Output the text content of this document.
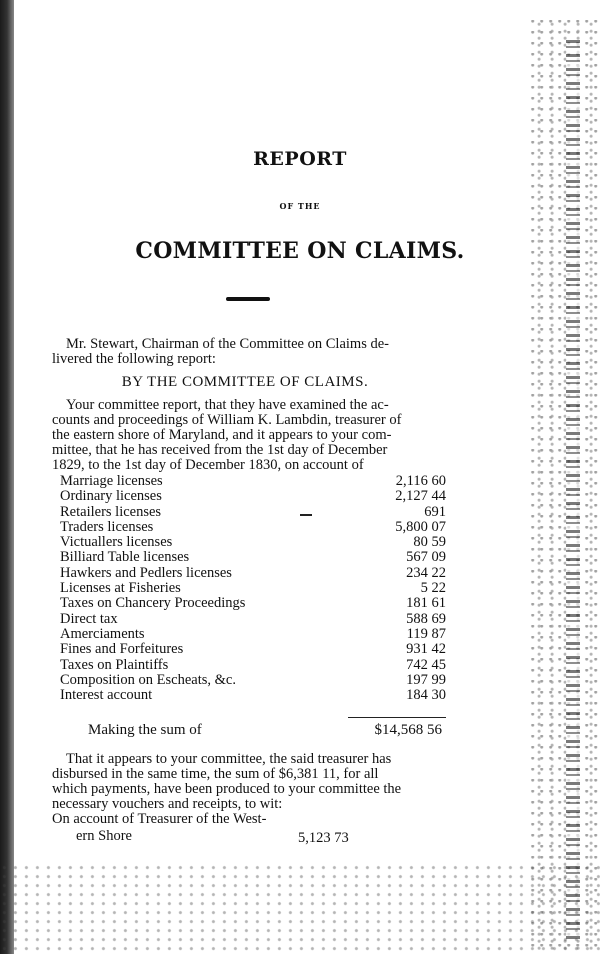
REPORT
OF THE
COMMITTEE ON CLAIMS.
Mr. Stewart, Chairman of the Committee on Claims de-
livered the following report:
BY THE COMMITTEE OF CLAIMS.
Your committee report, that they have examined the ac-
counts and proceedings of William K. Lambdin, treasurer of
the eastern shore of Maryland, and it appears to your com-
mittee, that he has received from the 1st day of December
1829, to the 1st day of December 1830, on account of
Marriage licenses	2,116 60
Ordinary licenses	2,127 44
Retailers licenses	691
Traders licenses	5,800 07
Victuallers licenses	80 59
Billiard Table licenses	567 09
Hawkers and Pedlers licenses	234 22
Licenses at Fisheries	5 22
Taxes on Chancery Proceedings	181 61
Direct tax	588 69
Amerciaments	119 87
Fines and Forfeitures	931 42
Taxes on Plaintiffs	742 45
Composition on Escheats, &c.	197 99
Interest account	184 30
Making the sum of	$14,568 56
That it appears to your committee, the said treasurer has
disbursed in the same time, the sum of $6,381 11, for all
which payments, have been produced to your committee the
necessary vouchers and receipts, to wit:
On account of Treasurer of the West-
ern Shore	5,123 73
